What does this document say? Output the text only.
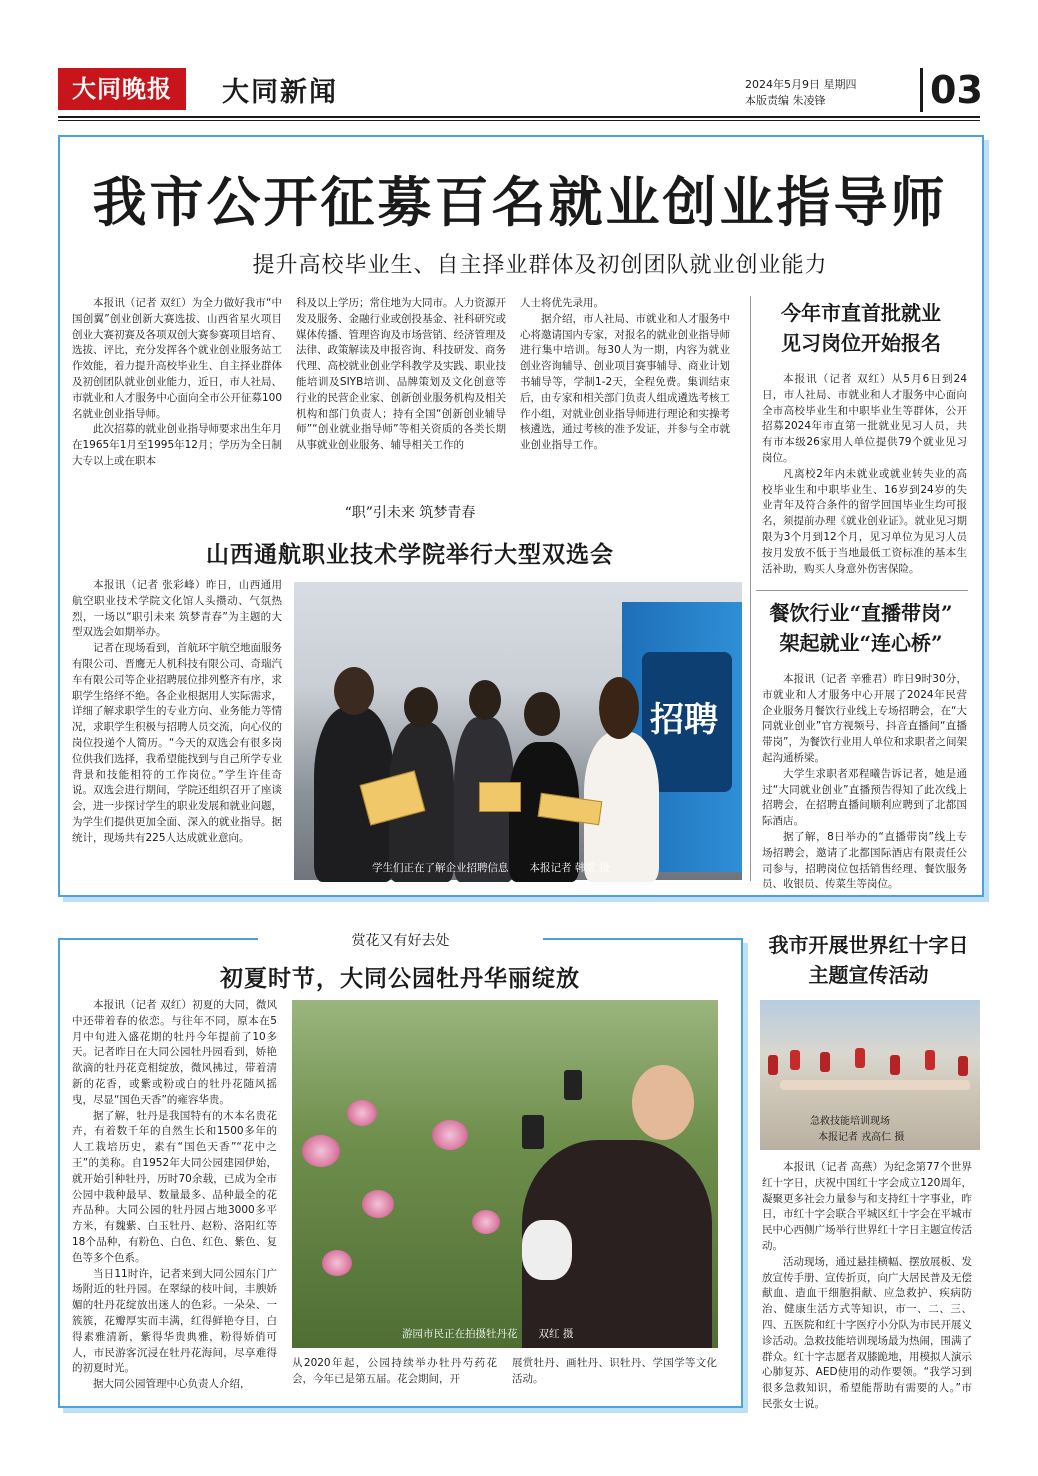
大同晚报	大同新闻	2024年5月9日 星期四
本版责编 朱凌锋	03
我市公开征募百名就业创业指导师
提升高校毕业生、自主择业群体及初创团队就业创业能力

本报讯（记者 双红）为全力做好我市“中国创翼”创业创新大赛选拔、山西省星火项目创业大赛初赛及各项双创大赛参赛项目培育、选拔、评比，充分发挥各个就业创业服务站工作效能，着力提升高校毕业生、自主择业群体及初创团队就业创业能力，近日，市人社局、市就业和人才服务中心面向全市公开征募100名就业创业指导师。

此次招募的就业创业指导师要求出生年月在1965年1月至1995年12月；学历为全日制大专以上或在职本

科及以上学历；常住地为大同市。人力资源开发及服务、金融行业或创投基金、社科研究或媒体传播、管理咨询及市场营销、经济管理及法律、政策解读及申报咨询、科技研发、商务代理、高校就业创业学科教学及实践、职业技能培训及SIYB培训、品牌策划及文化创意等行业的民营企业家、创新创业服务机构及相关机构和部门负责人；持有全国“创新创业辅导师”“创业就业指导师”等相关资质的各类长期从事就业创业服务、辅导相关工作的

人士将优先录用。

据介绍，市人社局、市就业和人才服务中心将邀请国内专家，对报名的就业创业指导师进行集中培训。每30人为一期，内容为就业创业咨询辅导、创业项目赛事辅导、商业计划书辅导等，学制1-2天，全程免费。集训结束后，由专家和相关部门负责人组成遴选考核工作小组，对就业创业指导师进行理论和实操考核遴选，通过考核的准予发证，并参与全市就业创业指导工作。

今年市直首批就业
见习岗位开始报名

本报讯（记者 双红）从5月6日到24日，市人社局、市就业和人才服务中心面向全市高校毕业生和中职毕业生等群体，公开招募2024年市直第一批就业见习人员，共有市本级26家用人单位提供79个就业见习岗位。

凡离校2年内未就业或就业转失业的高校毕业生和中职毕业生、16岁到24岁的失业青年及符合条件的留学回国毕业生均可报名，须提前办理《就业创业证》。就业见习期限为3个月到12个月，见习单位为见习人员按月发放不低于当地最低工资标准的基本生活补助，购买人身意外伤害保险。

餐饮行业“直播带岗”
架起就业“连心桥”

本报讯（记者 辛雅君）昨日9时30分，市就业和人才服务中心开展了2024年民营企业服务月餐饮行业线上专场招聘会，在“大同就业创业”官方视频号、抖音直播间“直播带岗”，为餐饮行业用人单位和求职者之间架起沟通桥梁。

大学生求职者邓程曦告诉记者，她是通过“大同就业创业”直播预告得知了此次线上招聘会，在招聘直播间顺利应聘到了北都国际酒店。

据了解，8日举办的“直播带岗”线上专场招聘会，邀请了北都国际酒店有限责任公司参与，招聘岗位包括销售经理、餐饮服务员、收银员、传菜生等岗位。

“职”引未来 筑梦青春
山西通航职业技术学院举行大型双选会

本报讯（记者 张彩峰）昨日，山西通用航空职业技术学院文化馆人头攒动、气氛热烈，一场以“职引未来 筑梦青春”为主题的大型双选会如期举办。

记者在现场看到，首航环宇航空地面服务有限公司、晋鹰无人机科技有限公司、奇瑞汽车有限公司等企业招聘展位排列整齐有序，求职学生络绎不绝。各企业根据用人实际需求，详细了解求职学生的专业方向、业务能力等情况，求职学生积极与招聘人员交流，向心仪的岗位投递个人简历。“今天的双选会有很多岗位供我们选择，我希望能找到与自己所学专业背景和技能相符的工作岗位。”学生许佳奇说。双选会进行期间，学院还组织召开了座谈会，进一步探讨学生的职业发展和就业问题，为学生们提供更加全面、深入的就业指导。据统计，现场共有225人达成就业意向。

招聘
学生们正在了解企业招聘信息　　本报记者 韩堂 摄
赏花又有好去处
初夏时节，大同公园牡丹华丽绽放

本报讯（记者 双红）初夏的大同，微风中还带着春的依恋。与往年不同，原本在5月中旬进入盛花期的牡丹今年提前了10多天。记者昨日在大同公园牡丹园看到，娇艳欲滴的牡丹花竞相绽放，微风拂过，带着清新的花香，或紫或粉或白的牡丹花随风摇曳，尽显“国色天香”的雍容华贵。

据了解，牡丹是我国特有的木本名贵花卉，有着数千年的自然生长和1500多年的人工栽培历史，素有“国色天香”“花中之王”的美称。自1952年大同公园建园伊始，就开始引种牡丹，历时70余载，已成为全市公园中栽种最早、数量最多、品种最全的花卉品种。大同公园的牡丹园占地3000多平方米，有魏紫、白玉牡丹、赵粉、洛阳红等18个品种，有粉色、白色、红色、紫色、复色等多个色系。

当日11时许，记者来到大同公园东门广场附近的牡丹园。在翠绿的枝叶间，丰腴娇媚的牡丹花绽放出迷人的色彩。一朵朵、一簇簇，花瓣厚实而丰满，红得鲜艳夺目，白得素雅清新，紫得华贵典雅，粉得娇俏可人，市民游客沉浸在牡丹花海间，尽享难得的初夏时光。

据大同公园管理中心负责人介绍，

游园市民正在拍摄牡丹花　　双红 摄

从2020年起，公园持续举办牡丹芍药花会，今年已是第五届。花会期间，开

展赏牡丹、画牡丹、识牡丹、学国学等文化活动。

我市开展世界红十字日
主题宣传活动
急救技能培训现场
本报记者 戎高仁 摄

本报讯（记者 高燕）为纪念第77个世界红十字日，庆祝中国红十字会成立120周年，凝聚更多社会力量参与和支持红十字事业，昨日，市红十字会联合平城区红十字会在平城市民中心西侧广场举行世界红十字日主题宣传活动。

活动现场，通过悬挂横幅、摆放展板、发放宣传手册、宣传折页，向广大居民普及无偿献血、造血干细胞捐献、应急救护、疾病防治、健康生活方式等知识，市一、二、三、四、五医院和红十字医疗小分队为市民开展义诊活动。急救技能培训现场最为热闹，围满了群众。红十字志愿者双膝跪地，用模拟人演示心肺复苏、AED使用的动作要领。“我学习到很多急救知识，希望能帮助有需要的人。”市民张女士说。
